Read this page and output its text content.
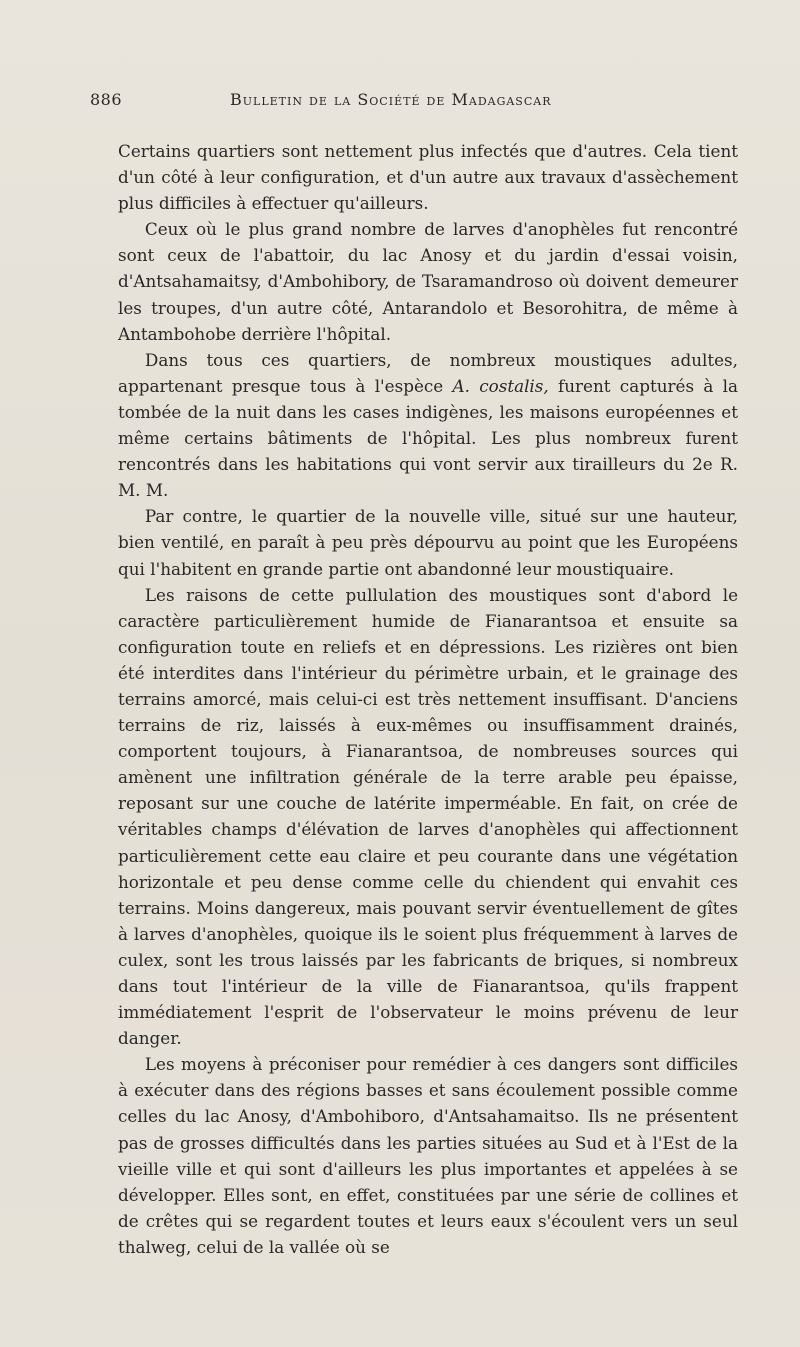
886	Bulletin de la Société de Madagascar

Certains quartiers sont nettement plus infectés que d'autres. Cela tient d'un côté à leur configuration, et d'un autre aux travaux d'assèchement plus difficiles à effectuer qu'ailleurs.

Ceux où le plus grand nombre de larves d'anophèles fut rencontré sont ceux de l'abattoir, du lac Anosy et du jardin d'essai voisin, d'Antsahamaitsy, d'Ambohibory, de Tsaramandroso où doivent demeurer les troupes, d'un autre côté, Antarandolo et Besorohitra, de même à Antambohobe derrière l'hôpital.

Dans tous ces quartiers, de nombreux moustiques adultes, appartenant presque tous à l'espèce A. costalis, furent capturés à la tombée de la nuit dans les cases indigènes, les maisons européennes et même certains bâtiments de l'hôpital. Les plus nombreux furent rencontrés dans les habitations qui vont servir aux tirailleurs du 2e R. M. M.

Par contre, le quartier de la nouvelle ville, situé sur une hauteur, bien ventilé, en paraît à peu près dépourvu au point que les Européens qui l'habitent en grande partie ont abandonné leur moustiquaire.

Les raisons de cette pullulation des moustiques sont d'abord le caractère particulièrement humide de Fianarantsoa et ensuite sa configuration toute en reliefs et en dépressions. Les rizières ont bien été interdites dans l'intérieur du périmètre urbain, et le grainage des terrains amorcé, mais celui-ci est très nettement insuffisant. D'anciens terrains de riz, laissés à eux-mêmes ou insuffisamment drainés, comportent toujours, à Fianarantsoa, de nombreuses sources qui amènent une infiltration générale de la terre arable peu épaisse, reposant sur une couche de latérite imperméable. En fait, on crée de véritables champs d'élévation de larves d'anophèles qui affectionnent particulièrement cette eau claire et peu courante dans une végétation horizontale et peu dense comme celle du chiendent qui envahit ces terrains. Moins dangereux, mais pouvant servir éventuellement de gîtes à larves d'anophèles, quoique ils le soient plus fréquemment à larves de culex, sont les trous laissés par les fabricants de briques, si nombreux dans tout l'intérieur de la ville de Fianarantsoa, qu'ils frappent immédiatement l'esprit de l'observateur le moins prévenu de leur danger.

Les moyens à préconiser pour remédier à ces dangers sont difficiles à exécuter dans des régions basses et sans écoulement possible comme celles du lac Anosy, d'Ambohiboro, d'Antsahamaitso. Ils ne présentent pas de grosses difficultés dans les parties situées au Sud et à l'Est de la vieille ville et qui sont d'ailleurs les plus importantes et appelées à se développer. Elles sont, en effet, constituées par une série de collines et de crêtes qui se regardent toutes et leurs eaux s'écoulent vers un seul thalweg, celui de la vallée où se
